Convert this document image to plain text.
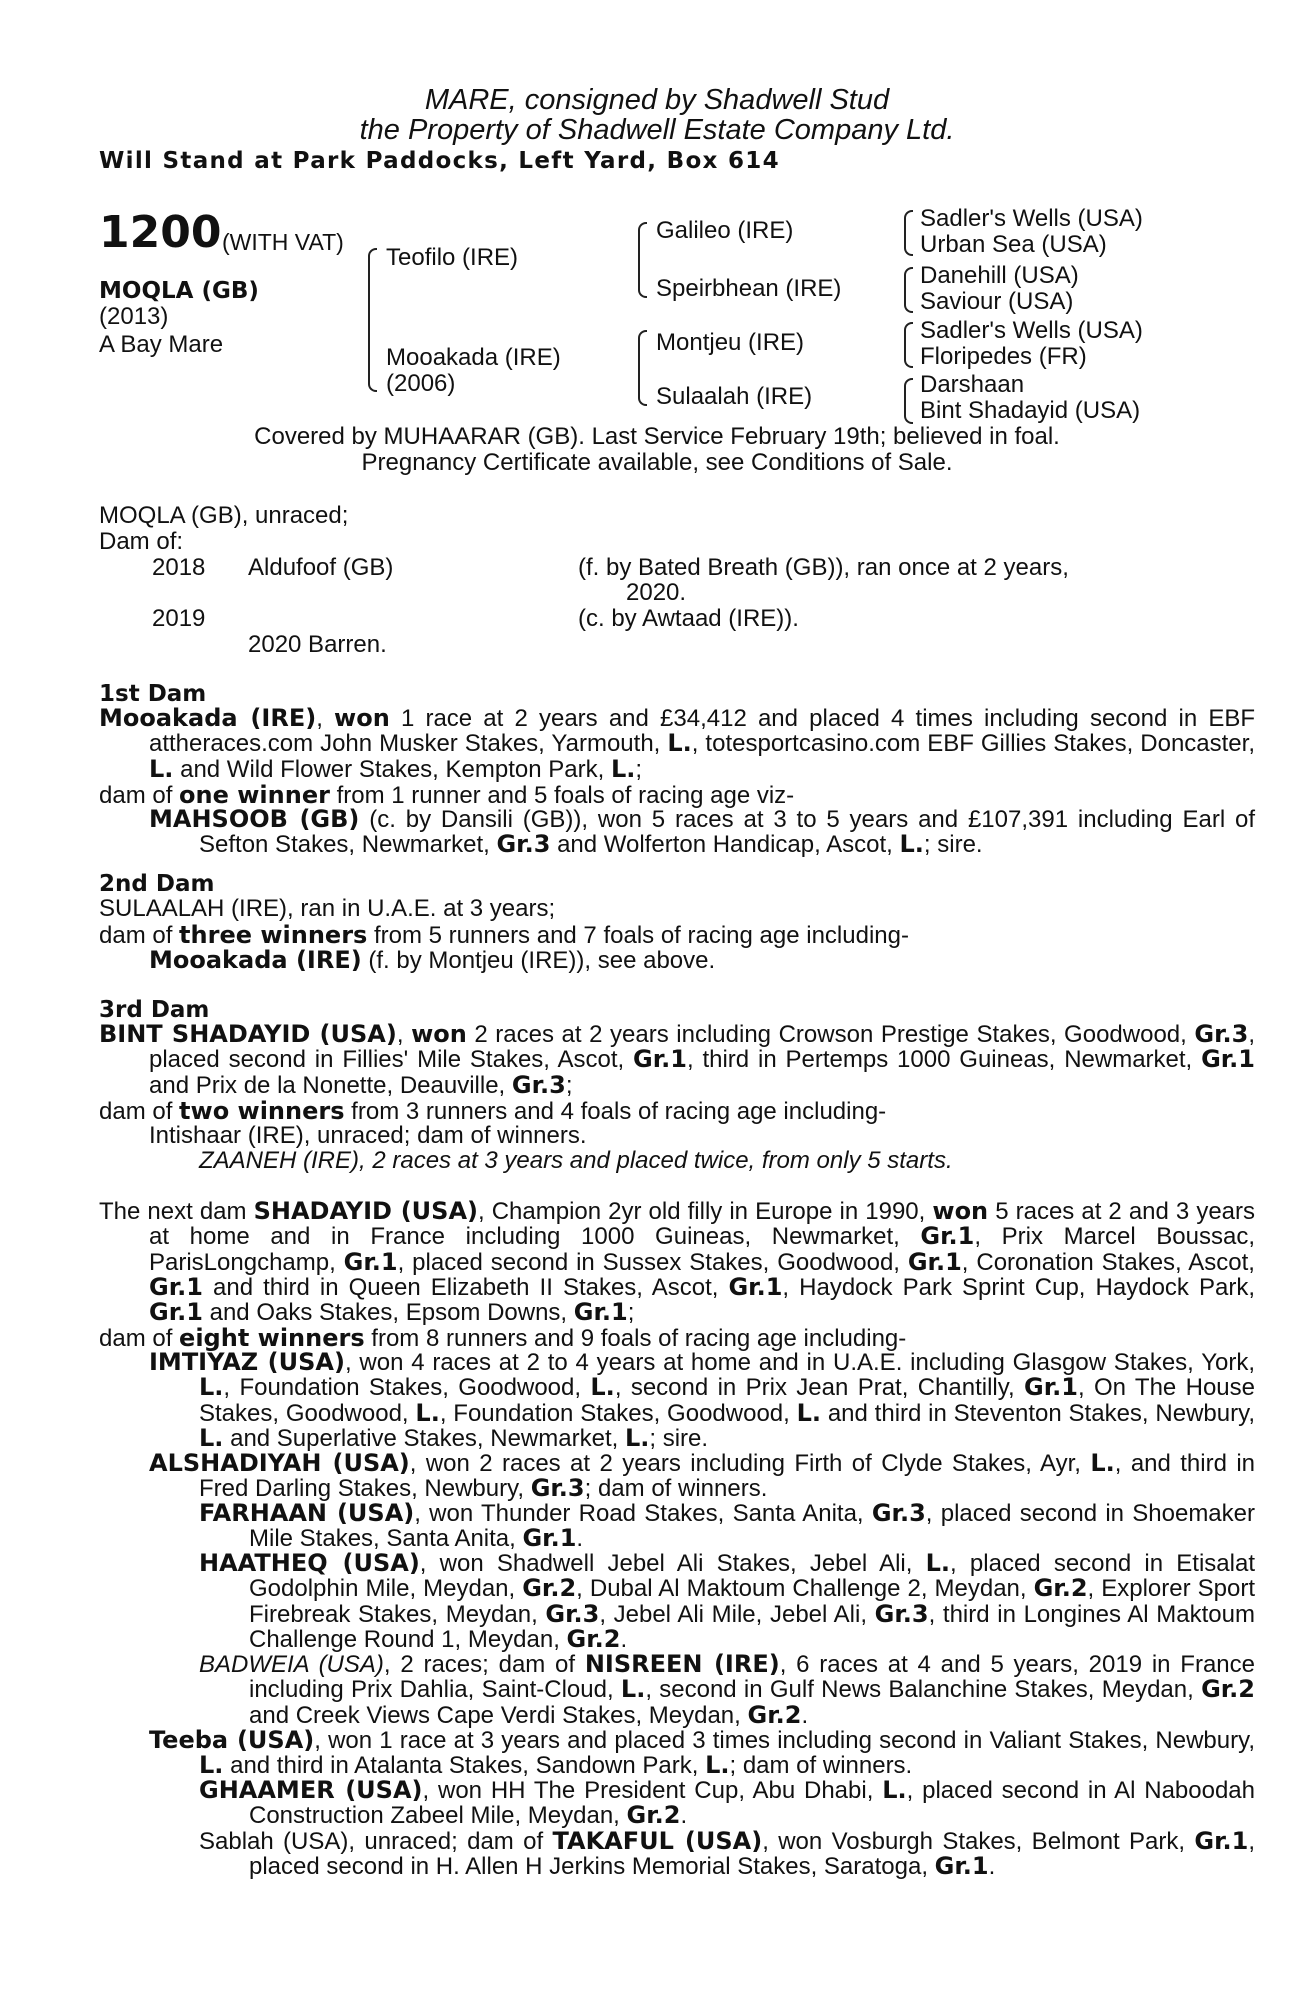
MARE, consigned by Shadwell Stud
the Property of Shadwell Estate Company Ltd.
Will Stand at Park Paddocks, Left Yard, Box 614
1200 (WITH VAT)
MOQLA (GB)
(2013)
A Bay Mare
Teofilo (IRE)
Mooakada (IRE)
(2006)
Galileo (IRE)
Speirbhean (IRE)
Montjeu (IRE)
Sulaalah (IRE)
Sadler's Wells (USA)
Urban Sea (USA)
Danehill (USA)
Saviour (USA)
Sadler's Wells (USA)
Floripedes (FR)
Darshaan
Bint Shadayid (USA)
Covered by MUHAARAR (GB). Last Service February 19th; believed in foal.
Pregnancy Certificate available, see Conditions of Sale.
MOQLA (GB), unraced;
Dam of:
2018 Aldufoof (GB)	(f. by Bated Breath (GB)), ran once at 2 years,
2020.
2019	(c. by Awtaad (IRE)).
2020 Barren.
1st Dam

Mooakada (IRE), won 1 race at 2 years and £34,412 and placed 4 times including second in EBF attheraces.com John Musker Stakes, Yarmouth, L., totesportcasino.com EBF Gillies Stakes, Doncaster, L. and Wild Flower Stakes, Kempton Park, L.;

dam of one winner from 1 runner and 5 foals of racing age viz-

MAHSOOB (GB) (c. by Dansili (GB)), won 5 races at 3 to 5 years and £107,391 including Earl of Sefton Stakes, Newmarket, Gr.3 and Wolferton Handicap, Ascot, L.; sire.

2nd Dam
SULAALAH (IRE), ran in U.A.E. at 3 years;
dam of three winners from 5 runners and 7 foals of racing age including-
Mooakada (IRE) (f. by Montjeu (IRE)), see above.
3rd Dam

BINT SHADAYID (USA), won 2 races at 2 years including Crowson Prestige Stakes, Goodwood, Gr.3, placed second in Fillies' Mile Stakes, Ascot, Gr.1, third in Pertemps 1000 Guineas, Newmarket, Gr.1 and Prix de la Nonette, Deauville, Gr.3;

dam of two winners from 3 runners and 4 foals of racing age including-
Intishaar (IRE), unraced; dam of winners.
ZAANEH (IRE), 2 races at 3 years and placed twice, from only 5 starts.

The next dam SHADAYID (USA), Champion 2yr old filly in Europe in 1990, won 5 races at 2 and 3 years at home and in France including 1000 Guineas, Newmarket, Gr.1, Prix Marcel Boussac, ParisLongchamp, Gr.1, placed second in Sussex Stakes, Goodwood, Gr.1, Coronation Stakes, Ascot, Gr.1 and third in Queen Elizabeth II Stakes, Ascot, Gr.1, Haydock Park Sprint Cup, Haydock Park, Gr.1 and Oaks Stakes, Epsom Downs, Gr.1;

dam of eight winners from 8 runners and 9 foals of racing age including-

IMTIYAZ (USA), won 4 races at 2 to 4 years at home and in U.A.E. including Glasgow Stakes, York, L., Foundation Stakes, Goodwood, L., second in Prix Jean Prat, Chantilly, Gr.1, On The House Stakes, Goodwood, L., Foundation Stakes, Goodwood, L. and third in Steventon Stakes, Newbury, L. and Superlative Stakes, Newmarket, L.; sire.

ALSHADIYAH (USA), won 2 races at 2 years including Firth of Clyde Stakes, Ayr, L., and third in Fred Darling Stakes, Newbury, Gr.3; dam of winners.

FARHAAN (USA), won Thunder Road Stakes, Santa Anita, Gr.3, placed second in Shoemaker Mile Stakes, Santa Anita, Gr.1.

HAATHEQ (USA), won Shadwell Jebel Ali Stakes, Jebel Ali, L., placed second in Etisalat Godolphin Mile, Meydan, Gr.2, Dubal Al Maktoum Challenge 2, Meydan, Gr.2, Explorer Sport Firebreak Stakes, Meydan, Gr.3, Jebel Ali Mile, Jebel Ali, Gr.3, third in Longines Al Maktoum Challenge Round 1, Meydan, Gr.2.

BADWEIA (USA), 2 races; dam of NISREEN (IRE), 6 races at 4 and 5 years, 2019 in France including Prix Dahlia, Saint-Cloud, L., second in Gulf News Balanchine Stakes, Meydan, Gr.2 and Creek Views Cape Verdi Stakes, Meydan, Gr.2.

Teeba (USA), won 1 race at 3 years and placed 3 times including second in Valiant Stakes, Newbury, L. and third in Atalanta Stakes, Sandown Park, L.; dam of winners.

GHAAMER (USA), won HH The President Cup, Abu Dhabi, L., placed second in Al Naboodah Construction Zabeel Mile, Meydan, Gr.2.

Sablah (USA), unraced; dam of TAKAFUL (USA), won Vosburgh Stakes, Belmont Park, Gr.1, placed second in H. Allen H Jerkins Memorial Stakes, Saratoga, Gr.1.
